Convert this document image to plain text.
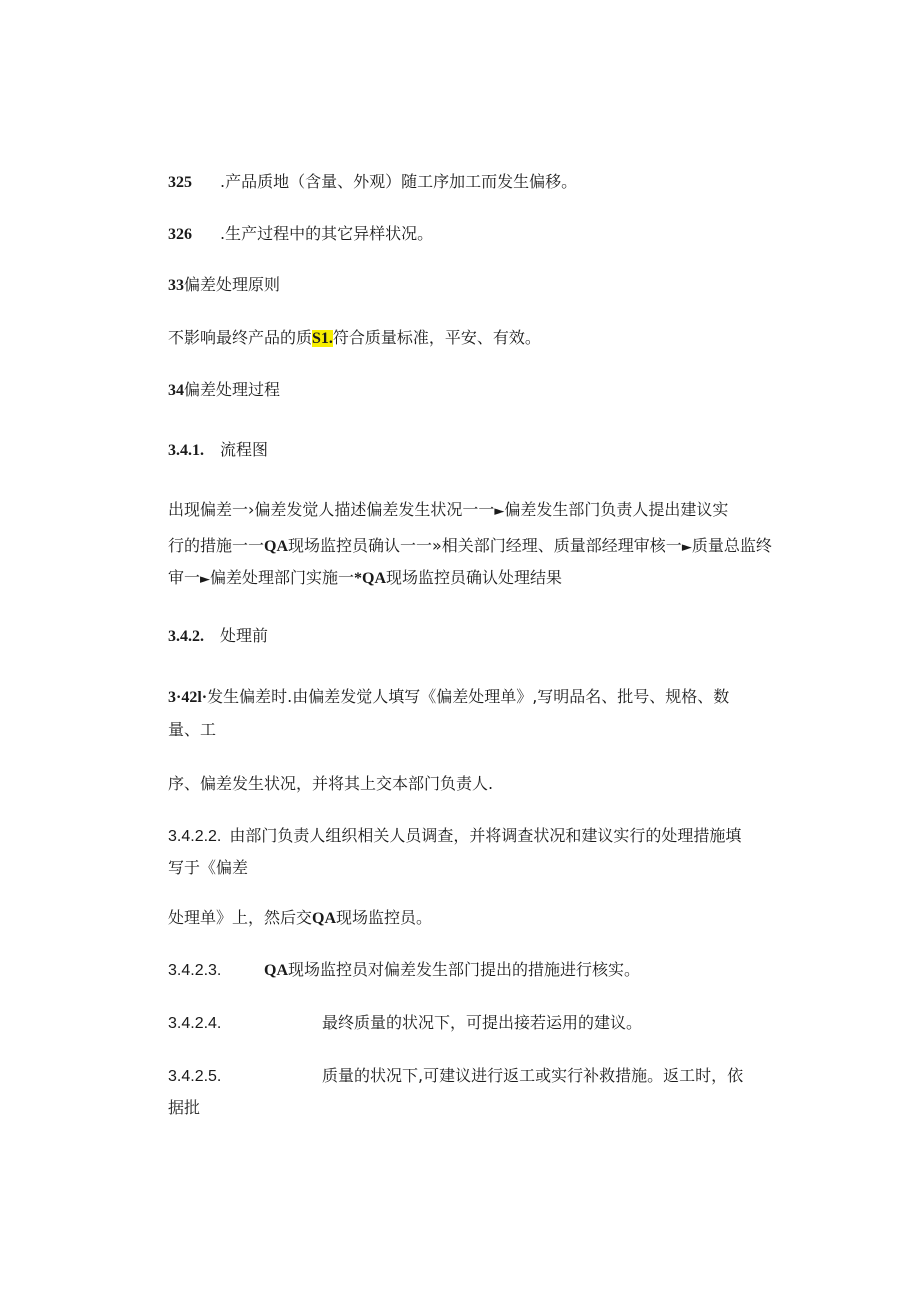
325 .产品质地（含量、外观）随工序加工而发生偏移。
326 .生产过程中的其它异样状况。
33偏差处理原则
不影响最终产品的质S1.符合质量标准，平安、有效。
34偏差处理过程
3.4.1. 流程图
出现偏差一›偏差发觉人描述偏差发生状况一一►偏差发生部门负责人提出建议实
行的措施一一QA现场监控员确认一一»相关部门经理、质量部经理审核一►质量总监终
审一►偏差处理部门实施一*QA现场监控员确认处理结果
3.4.2. 处理前
3·42l·发生偏差时.由偏差发觉人填写《偏差处理单》,写明品名、批号、规格、数
量、工
序、偏差发生状况，并将其上交本部门负责人.
3.4.2.2. 由部门负责人组织相关人员调查，并将调查状况和建议实行的处理措施填
写于《偏差
处理单》上，然后交QA现场监控员。
3.4.2.3.	QA现场监控员对偏差发生部门提出的措施进行核实。
3.4.2.4.	最终质量的状况下，可提出接若运用的建议。
3.4.2.5.	质量的状况下,可建议进行返工或实行补救措施。返工时，依
据批
